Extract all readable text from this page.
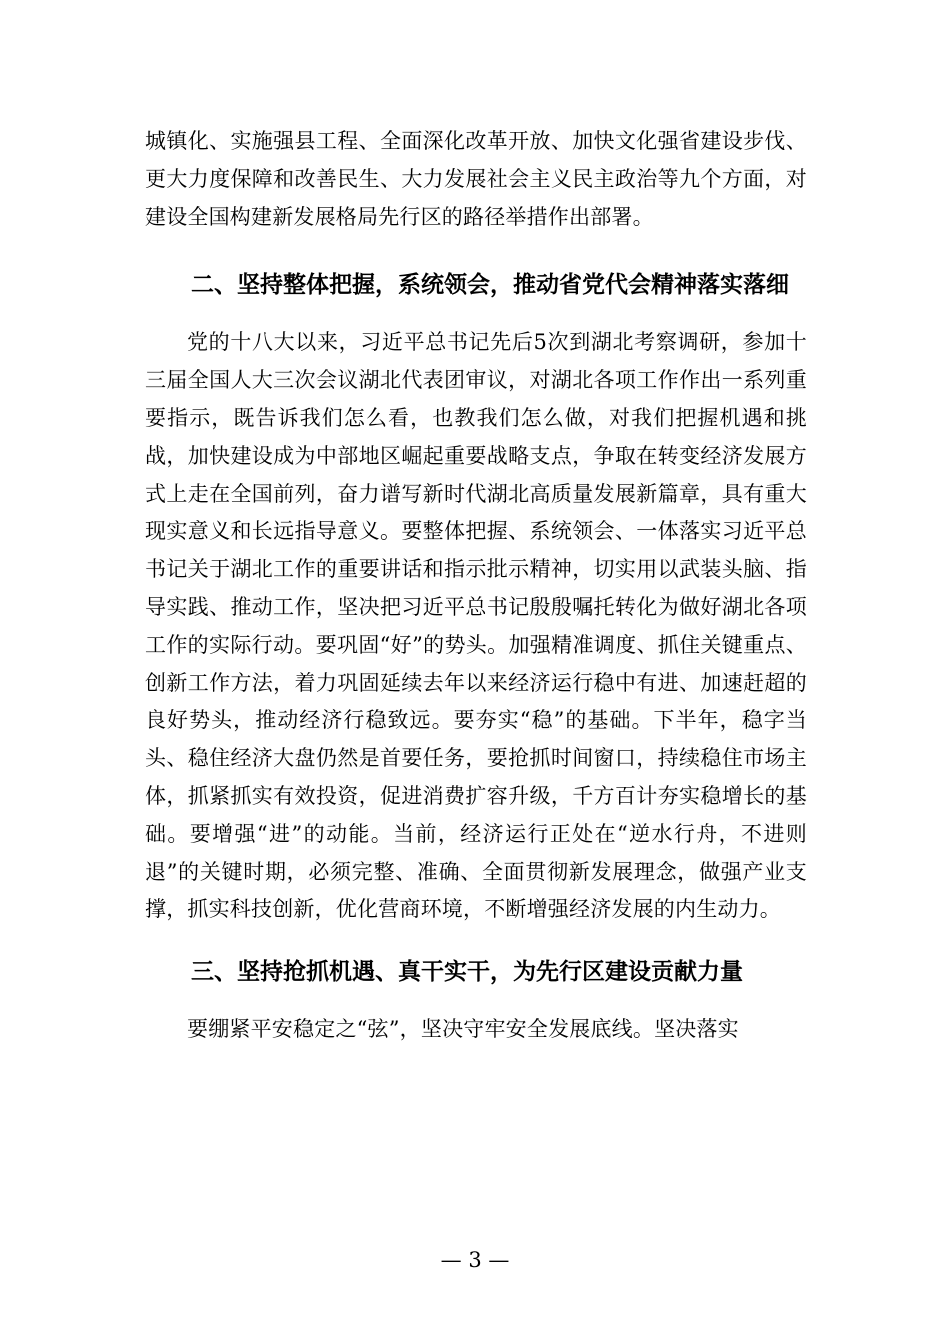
城镇化、实施强县工程、全面深化改革开放、加快文化强省建设步伐、更大力度保障和改善民生、大力发展社会主义民主政治等九个方面，对建设全国构建新发展格局先行区的路径举措作出部署。

二、坚持整体把握，系统领会，推动省党代会精神落实落细

党的十八大以来，习近平总书记先后5次到湖北考察调研，参加十三届全国人大三次会议湖北代表团审议，对湖北各项工作作出一系列重要指示，既告诉我们怎么看，也教我们怎么做，对我们把握机遇和挑战，加快建设成为中部地区崛起重要战略支点，争取在转变经济发展方式上走在全国前列，奋力谱写新时代湖北高质量发展新篇章，具有重大现实意义和长远指导意义。要整体把握、系统领会、一体落实习近平总书记关于湖北工作的重要讲话和指示批示精神，切实用以武装头脑、指导实践、推动工作，坚决把习近平总书记殷殷嘱托转化为做好湖北各项工作的实际行动。要巩固“好”的势头。加强精准调度、抓住关键重点、创新工作方法，着力巩固延续去年以来经济运行稳中有进、加速赶超的良好势头，推动经济行稳致远。要夯实“稳”的基础。下半年，稳字当头、稳住经济大盘仍然是首要任务，要抢抓时间窗口，持续稳住市场主体，抓紧抓实有效投资，促进消费扩容升级，千方百计夯实稳增长的基础。要增强“进”的动能。当前，经济运行正处在“逆水行舟，不进则退”的关键时期，必须完整、准确、全面贯彻新发展理念，做强产业支撑，抓实科技创新，优化营商环境，不断增强经济发展的内生动力。

三、坚持抢抓机遇、真干实干，为先行区建设贡献力量

要绷紧平安稳定之“弦”，坚决守牢安全发展底线。坚决落实

— 3 —
